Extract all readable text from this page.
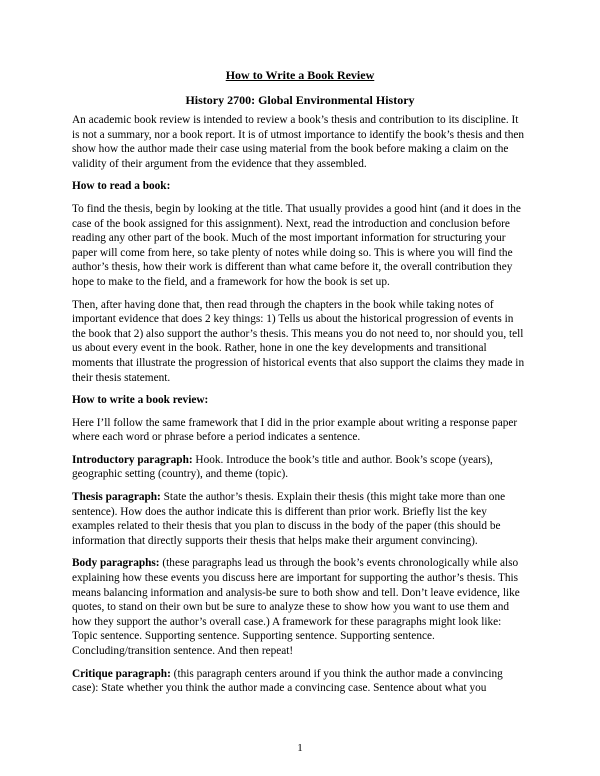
How to Write a Book Review
History 2700: Global Environmental History

An academic book review is intended to review a book’s thesis and contribution to its discipline. It is not a summary, nor a book report. It is of utmost importance to identify the book’s thesis and then show how the author made their case using material from the book before making a claim on the validity of their argument from the evidence that they assembled.

How to read a book:

To find the thesis, begin by looking at the title. That usually provides a good hint (and it does in the case of the book assigned for this assignment). Next, read the introduction and conclusion before reading any other part of the book. Much of the most important information for structuring your paper will come from here, so take plenty of notes while doing so. This is where you will find the author’s thesis, how their work is different than what came before it, the overall contribution they hope to make to the field, and a framework for how the book is set up.

Then, after having done that, then read through the chapters in the book while taking notes of important evidence that does 2 key things: 1) Tells us about the historical progression of events in the book that 2) also support the author’s thesis. This means you do not need to, nor should you, tell us about every event in the book. Rather, hone in one the key developments and transitional moments that illustrate the progression of historical events that also support the claims they made in their thesis statement.

How to write a book review:

Here I’ll follow the same framework that I did in the prior example about writing a response paper where each word or phrase before a period indicates a sentence.

Introductory paragraph: Hook. Introduce the book’s title and author. Book’s scope (years), geographic setting (country), and theme (topic).

Thesis paragraph: State the author’s thesis. Explain their thesis (this might take more than one sentence). How does the author indicate this is different than prior work. Briefly list the key examples related to their thesis that you plan to discuss in the body of the paper (this should be information that directly supports their thesis that helps make their argument convincing).

Body paragraphs: (these paragraphs lead us through the book’s events chronologically while also explaining how these events you discuss here are important for supporting the author’s thesis. This means balancing information and analysis-be sure to both show and tell. Don’t leave evidence, like quotes, to stand on their own but be sure to analyze these to show how you want to use them and how they support the author’s overall case.) A framework for these paragraphs might look like: Topic sentence. Supporting sentence. Supporting sentence. Supporting sentence. Concluding/transition sentence. And then repeat!

Critique paragraph: (this paragraph centers around if you think the author made a convincing case): State whether you think the author made a convincing case. Sentence about what you

1
